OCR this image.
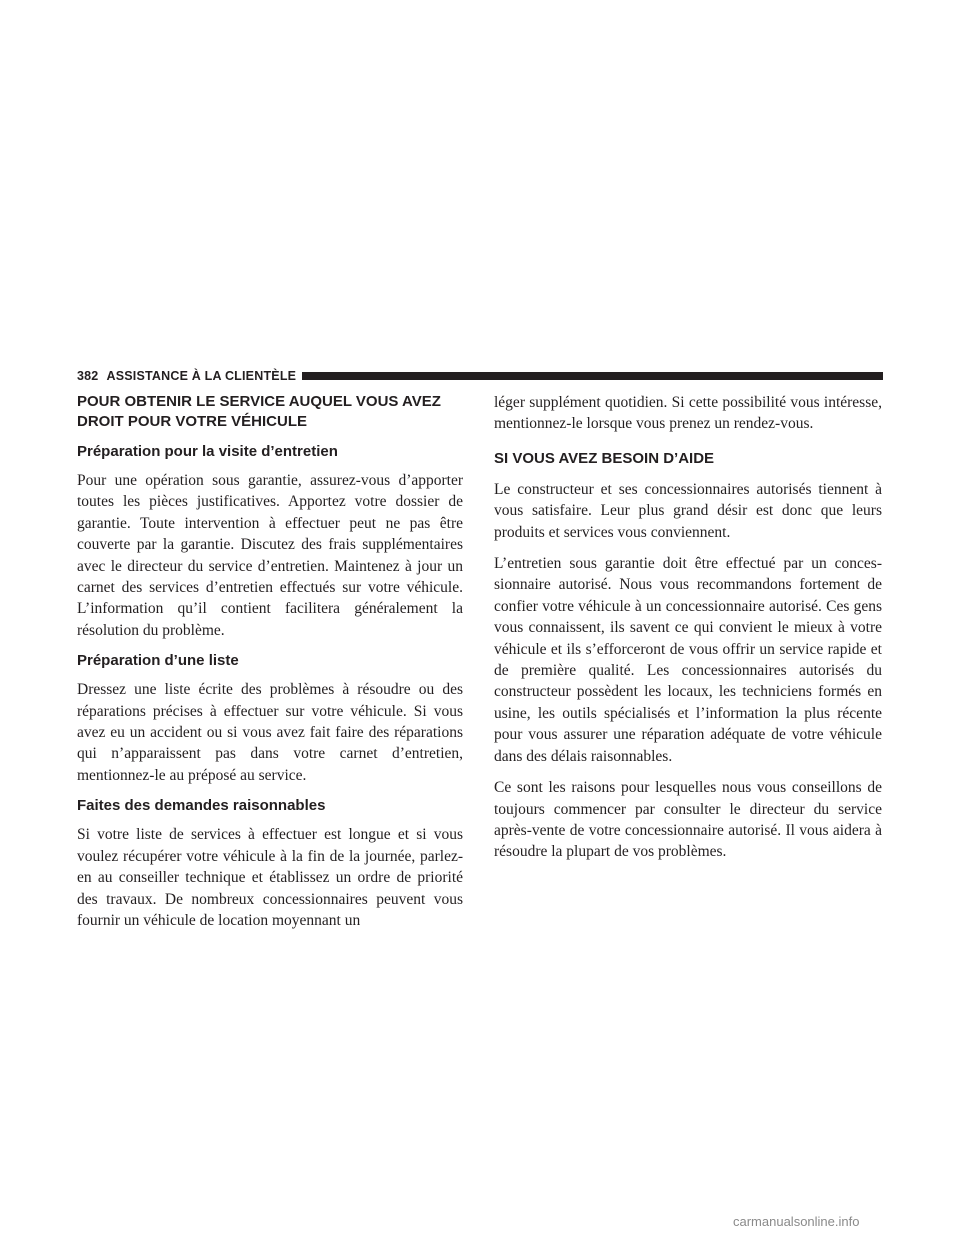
382 ASSISTANCE À LA CLIENTÈLE
POUR OBTENIR LE SERVICE AUQUEL VOUS AVEZ DROIT POUR VOTRE VÉHICULE
Préparation pour la visite d’entretien

Pour une opération sous garantie, assurez-vous d’apporter toutes les pièces justificatives. Apportez votre dossier de garantie. Toute intervention à effectuer peut ne pas être couverte par la garantie. Discutez des frais supplémentaires avec le directeur du service d’entretien. Maintenez à jour un carnet des services d’entretien effectués sur votre véhicule. L’information qu’il contient facilitera généralement la résolution du problème.

Préparation d’une liste

Dressez une liste écrite des problèmes à résoudre ou des réparations précises à effectuer sur votre véhicule. Si vous avez eu un accident ou si vous avez fait faire des réparations qui n’apparaissent pas dans votre carnet d’entretien, mentionnez-le au préposé au service.

Faites des demandes raisonnables

Si votre liste de services à effectuer est longue et si vous voulez récupérer votre véhicule à la fin de la journée, parlez-en au conseiller technique et établissez un ordre de priorité des travaux. De nombreux concessionnaires peuvent vous fournir un véhicule de location moyennant un

léger supplément quotidien. Si cette possibilité vous intéresse, mentionnez-le lorsque vous prenez un rendez-vous.

SI VOUS AVEZ BESOIN D’AIDE

Le constructeur et ses concessionnaires autorisés tiennent à vous satisfaire. Leur plus grand désir est donc que leurs produits et services vous conviennent.

L’entretien sous garantie doit être effectué par un concessionnaire autorisé. Nous vous recommandons fortement de confier votre véhicule à un concessionnaire autorisé. Ces gens vous connaissent, ils savent ce qui convient le mieux à votre véhicule et ils s’efforceront de vous offrir un service rapide et de première qualité. Les concessionnaires autorisés du constructeur possèdent les locaux, les techniciens formés en usine, les outils spécialisés et l’information la plus récente pour vous assurer une réparation adéquate de votre véhicule dans des délais raisonnables.

Ce sont les raisons pour lesquelles nous vous conseillons de toujours commencer par consulter le directeur du service après-vente de votre concessionnaire autorisé. Il vous aidera à résoudre la plupart de vos problèmes.

carmanualsonline.info
